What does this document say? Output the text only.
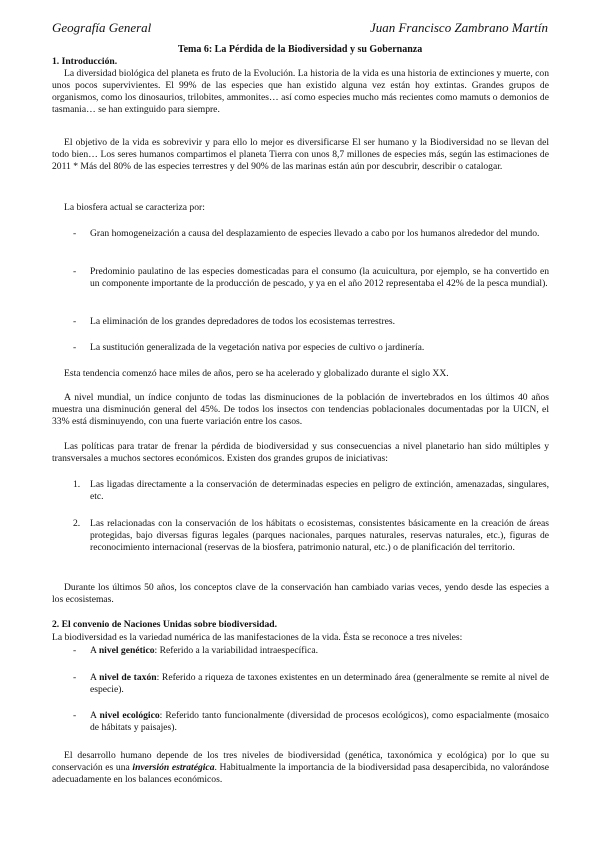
Geografía General	Juan Francisco Zambrano Martín
Tema 6: La Pérdida de la Biodiversidad y su Gobernanza

1. Introducción.

La diversidad biológica del planeta es fruto de la Evolución. La historia de la vida es una historia de extinciones y muerte, con unos pocos supervivientes. El 99% de las especies que han existido alguna vez están hoy extintas. Grandes grupos de organismos, como los dinosaurios, trilobites, ammonites… así como especies mucho más recientes como mamuts o demonios de tasmania… se han extinguido para siempre.

El objetivo de la vida es sobrevivir y para ello lo mejor es diversificarse El ser humano y la Biodiversidad no se llevan del todo bien… Los seres humanos compartimos el planeta Tierra con unos 8,7 millones de especies más, según las estimaciones de 2011 * Más del 80% de las especies terrestres y del 90% de las marinas están aún por descubrir, describir o catalogar.

La biosfera actual se caracteriza por:

- Gran homogeneización a causa del desplazamiento de especies llevado a cabo por los humanos alrededor del mundo.
- Predominio paulatino de las especies domesticadas para el consumo (la acuicultura, por ejemplo, se ha convertido en un componente importante de la producción de pescado, y ya en el año 2012 representaba el 42% de la pesca mundial).
- La eliminación de los grandes depredadores de todos los ecosistemas terrestres.
- La sustitución generalizada de la vegetación nativa por especies de cultivo o jardinería.

Esta tendencia comenzó hace miles de años, pero se ha acelerado y globalizado durante el siglo XX.

A nivel mundial, un índice conjunto de todas las disminuciones de la población de invertebrados en los últimos 40 años muestra una disminución general del 45%. De todos los insectos con tendencias poblacionales documentadas por la UICN, el 33% está disminuyendo, con una fuerte variación entre los casos.

Las políticas para tratar de frenar la pérdida de biodiversidad y sus consecuencias a nivel planetario han sido múltiples y transversales a muchos sectores económicos. Existen dos grandes grupos de iniciativas:

1. Las ligadas directamente a la conservación de determinadas especies en peligro de extinción, amenazadas, singulares, etc.
2. Las relacionadas con la conservación de los hábitats o ecosistemas, consistentes básicamente en la creación de áreas protegidas, bajo diversas figuras legales (parques nacionales, parques naturales, reservas naturales, etc.), figuras de reconocimiento internacional (reservas de la biosfera, patrimonio natural, etc.) o de planificación del territorio.

Durante los últimos 50 años, los conceptos clave de la conservación han cambiado varias veces, yendo desde las especies a los ecosistemas.

2. El convenio de Naciones Unidas sobre biodiversidad.

La biodiversidad es la variedad numérica de las manifestaciones de la vida. Ésta se reconoce a tres niveles:

- A nivel genético: Referido a la variabilidad intraespecífica.
- A nivel de taxón: Referido a riqueza de taxones existentes en un determinado área (generalmente se remite al nivel de especie).
- A nivel ecológico: Referido tanto funcionalmente (diversidad de procesos ecológicos), como espacialmente (mosaico de hábitats y paisajes).

El desarrollo humano depende de los tres niveles de biodiversidad (genética, taxonómica y ecológica) por lo que su conservación es una inversión estratégica. Habitualmente la importancia de la biodiversidad pasa desapercibida, no valorándose adecuadamente en los balances económicos.
